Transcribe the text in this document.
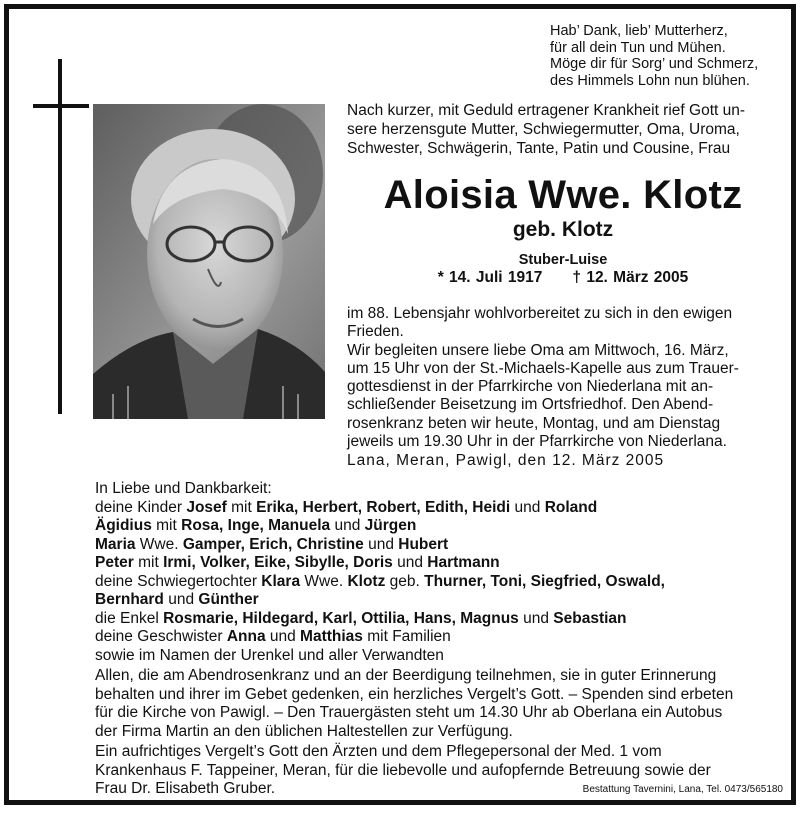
Hab’ Dank, lieb’ Mutterherz,
für all dein Tun und Mühen.
Möge dir für Sorg’ und Schmerz,
des Himmels Lohn nun blühen.
Nach kurzer, mit Geduld ertragener Krankheit rief Gott un-
sere herzensgute Mutter, Schwiegermutter, Oma, Uroma,
Schwester, Schwägerin, Tante, Patin und Cousine, Frau
Aloisia Wwe. Klotz
geb. Klotz
Stuber-Luise
* 14. Juli 1917 † 12. März 2005
im 88. Lebensjahr wohlvorbereitet zu sich in den ewigen
Frieden.
Wir begleiten unsere liebe Oma am Mittwoch, 16. März,
um 15 Uhr von der St.-Michaels-Kapelle aus zum Trauer-
gottesdienst in der Pfarrkirche von Niederlana mit an-
schließender Beisetzung im Ortsfriedhof. Den Abend-
rosenkranz beten wir heute, Montag, und am Dienstag
jeweils um 19.30 Uhr in der Pfarrkirche von Niederlana.
Lana, Meran, Pawigl, den 12. März 2005
In Liebe und Dankbarkeit:
deine Kinder Josef mit Erika, Herbert, Robert, Edith, Heidi und Roland
Ägidius mit Rosa, Inge, Manuela und Jürgen
Maria Wwe. Gamper, Erich, Christine und Hubert
Peter mit Irmi, Volker, Eike, Sibylle, Doris und Hartmann
deine Schwiegertochter Klara Wwe. Klotz geb. Thurner, Toni, Siegfried, Oswald,
Bernhard und Günther
die Enkel Rosmarie, Hildegard, Karl, Ottilia, Hans, Magnus und Sebastian
deine Geschwister Anna und Matthias mit Familien
sowie im Namen der Urenkel und aller Verwandten
Allen, die am Abendrosenkranz und an der Beerdigung teilnehmen, sie in guter Erinnerung
behalten und ihrer im Gebet gedenken, ein herzliches Vergelt’s Gott. – Spenden sind erbeten
für die Kirche von Pawigl. – Den Trauergästen steht um 14.30 Uhr ab Oberlana ein Autobus
der Firma Martin an den üblichen Haltestellen zur Verfügung.
Ein aufrichtiges Vergelt’s Gott den Ärzten und dem Pflegepersonal der Med. 1 vom
Krankenhaus F. Tappeiner, Meran, für die liebevolle und aufopfernde Betreuung sowie der
Frau Dr. Elisabeth Gruber.	Bestattung Tavernini, Lana, Tel. 0473/565180
